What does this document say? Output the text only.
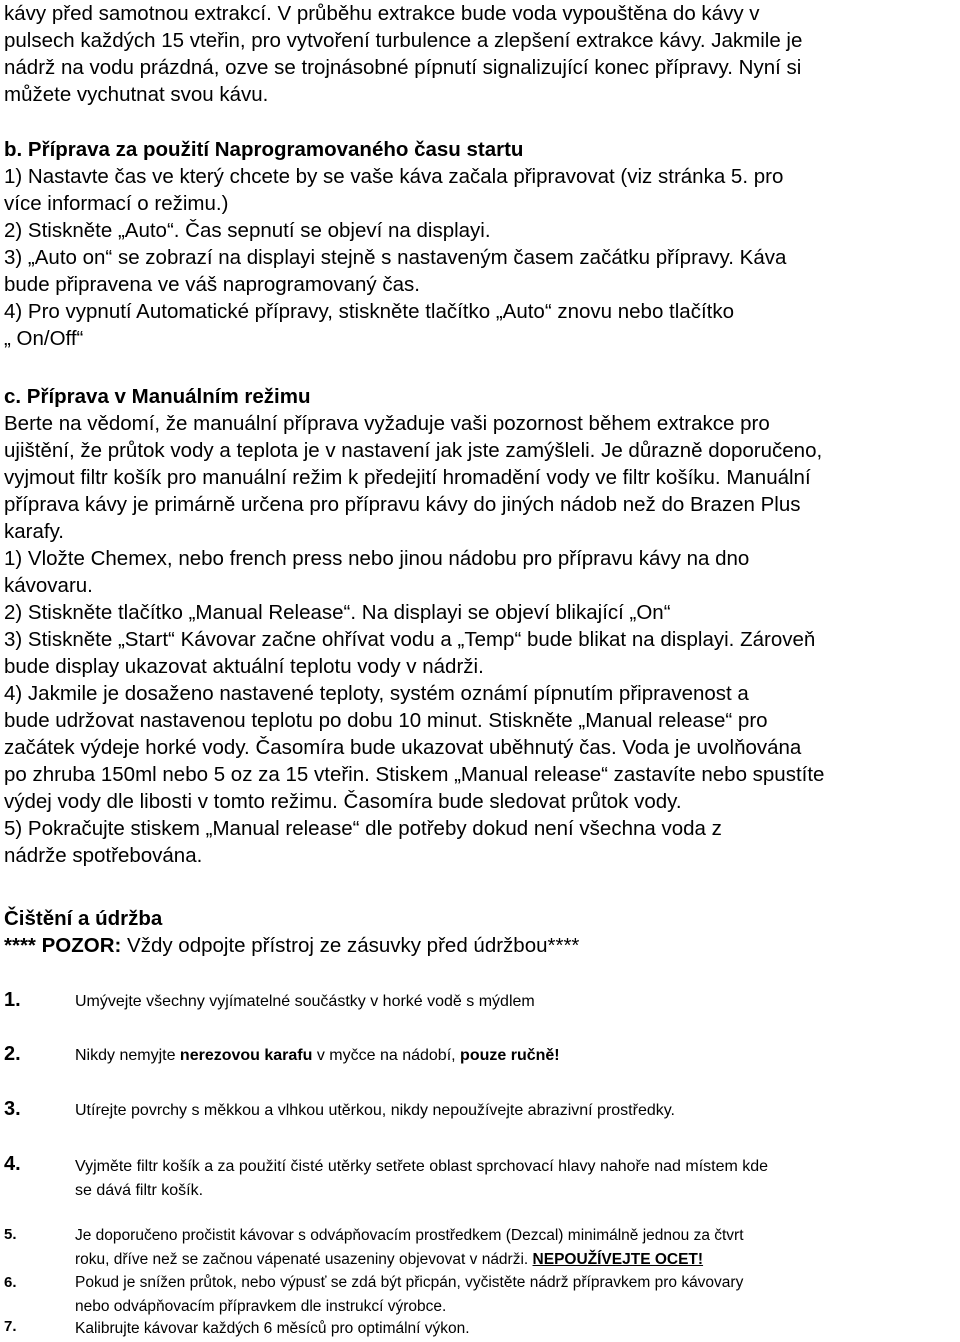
kávy před samotnou extrakcí. V průběhu extrakce bude voda vypouštěna do kávy v
pulsech každých 15 vteřin, pro vytvoření turbulence a zlepšení extrakce kávy. Jakmile je
nádrž na vodu prázdná, ozve se trojnásobné pípnutí signalizující konec přípravy. Nyní si
můžete vychutnat svou kávu.
b. Příprava za použití Naprogramovaného času startu
1) Nastavte čas ve který chcete by se vaše káva začala připravovat (viz stránka 5. pro
více informací o režimu.)
2) Stiskněte „Auto“. Čas sepnutí se objeví na displayi.
3) „Auto on“ se zobrazí na displayi stejně s nastaveným časem začátku přípravy. Káva
bude připravena ve váš naprogramovaný čas.
4) Pro vypnutí Automatické přípravy, stiskněte tlačítko „Auto“ znovu nebo tlačítko
„ On/Off“
c. Příprava v Manuálním režimu
Berte na vědomí, že manuální příprava vyžaduje vaši pozornost během extrakce pro
ujištění, že průtok vody a teplota je v nastavení jak jste zamýšleli. Je důrazně doporučeno,
vyjmout filtr košík pro manuální režim k předejití hromadění vody ve filtr košíku. Manuální
příprava kávy je primárně určena pro přípravu kávy do jiných nádob než do Brazen Plus
karafy.
1) Vložte Chemex, nebo french press nebo jinou nádobu pro přípravu kávy na dno
kávovaru.
2) Stiskněte tlačítko „Manual Release“. Na displayi se objeví blikající „On“
3) Stiskněte „Start“ Kávovar začne ohřívat vodu a „Temp“ bude blikat na displayi. Zároveň
bude display ukazovat aktuální teplotu vody v nádrži.
4) Jakmile je dosaženo nastavené teploty, systém oznámí pípnutím připravenost a
bude udržovat nastavenou teplotu po dobu 10 minut. Stiskněte „Manual release“ pro
začátek výdeje horké vody. Časomíra bude ukazovat uběhnutý čas. Voda je uvolňována
po zhruba 150ml nebo 5 oz za 15 vteřin. Stiskem „Manual release“ zastavíte nebo spustíte
výdej vody dle libosti v tomto režimu. Časomíra bude sledovat průtok vody.
5) Pokračujte stiskem „Manual release“ dle potřeby dokud není všechna voda z
nádrže spotřebována.
Čištění a údržba
**** POZOR: Vždy odpojte přístroj ze zásuvky před údržbou****
1.	Umývejte všechny vyjímatelné součástky v horké vodě s mýdlem
2.	Nikdy nemyjte nerezovou karafu v myčce na nádobí, pouze ručně!
3.	Utírejte povrchy s měkkou a vlhkou utěrkou, nikdy nepoužívejte abrazivní prostředky.
4.	Vyjměte filtr košík a za použití čisté utěrky setřete oblast sprchovací hlavy nahoře nad místem kde
se dává filtr košík.
5.	Je doporučeno pročistit kávovar s odvápňovacím prostředkem (Dezcal) minimálně jednou za čtvrt
roku, dříve než se začnou vápenaté usazeniny objevovat v nádrži. NEPOUŽÍVEJTE OCET!
6.	Pokud je snížen průtok, nebo výpusť se zdá být přicpán, vyčistěte nádrž přípravkem pro kávovary
nebo odvápňovacím přípravkem dle instrukcí výrobce.
7.	Kalibrujte kávovar každých 6 měsíců pro optimální výkon.
